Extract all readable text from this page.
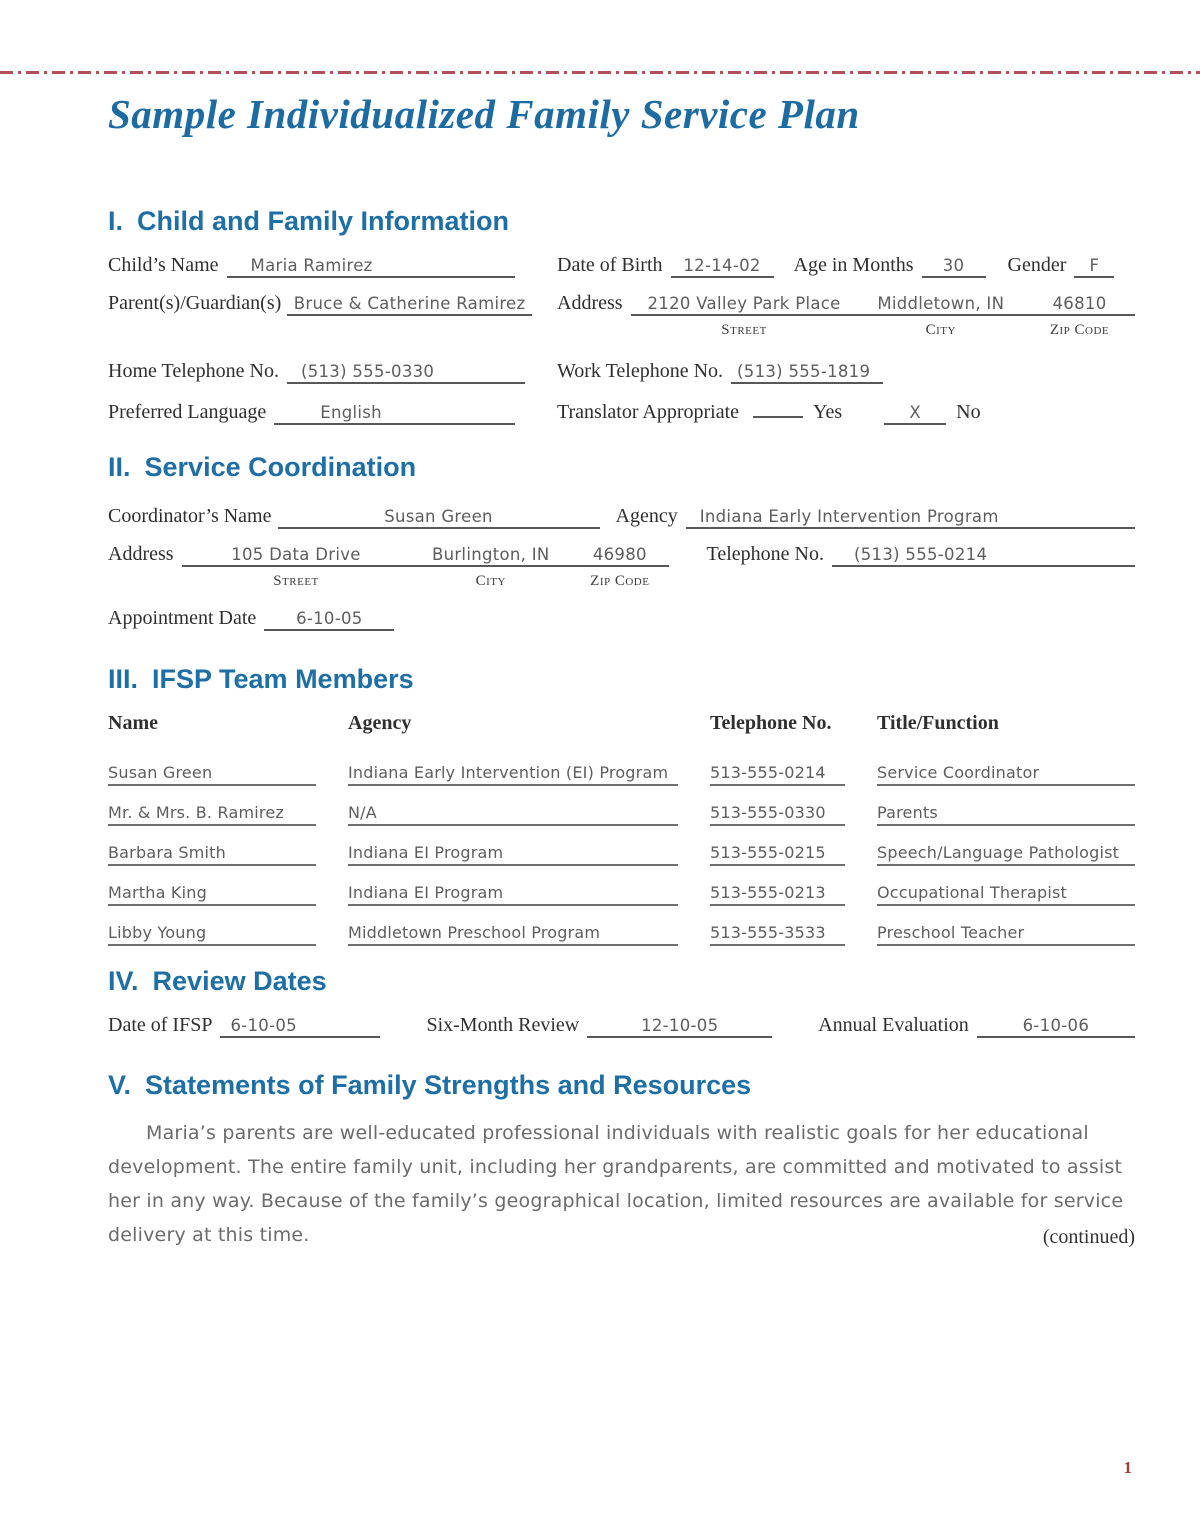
Sample Individualized Family Service Plan
I. Child and Family Information
Child’s Name	Maria Ramirez	Date of Birth	12-14-02	Age in Months	30	Gender	F
Parent(s)/Guardian(s) Bruce & Catherine Ramirez	Address	2120 Valley Park Place	Middletown, IN	46810
Street	City	Zip Code
Home Telephone No.	(513) 555-0330	Work Telephone No. (513) 555-1819
Preferred Language	English	Translator Appropriate	Yes	X	No
II. Service Coordination
Coordinator’s Name	Susan Green	Agency	Indiana Early Intervention Program
Address	105 Data Drive	Burlington, IN	46980
Street	City	Zip Code
Telephone No.	(513) 555-0214
Appointment Date	6-10-05
III. IFSP Team Members
Name	Agency	Telephone No.	Title/Function
Susan Green	Indiana Early Intervention (EI) Program	513-555-0214	Service Coordinator
Mr. & Mrs. B. Ramirez	N/A	513-555-0330	Parents
Barbara Smith	Indiana EI Program	513-555-0215	Speech/Language Pathologist
Martha King	Indiana EI Program	513-555-0213	Occupational Therapist
Libby Young	Middletown Preschool Program	513-555-3533	Preschool Teacher
IV. Review Dates
Date of IFSP	6-10-05	Six-Month Review	12-10-05	Annual Evaluation	6-10-06
V. Statements of Family Strengths and Resources

Maria’s parents are well-educated professional individuals with realistic goals for her educational development. The entire family unit, including her grandparents, are committed and motivated to assist her in any way. Because of the family’s geographical location, limited resources are available for service delivery at this time.	(continued)
1
